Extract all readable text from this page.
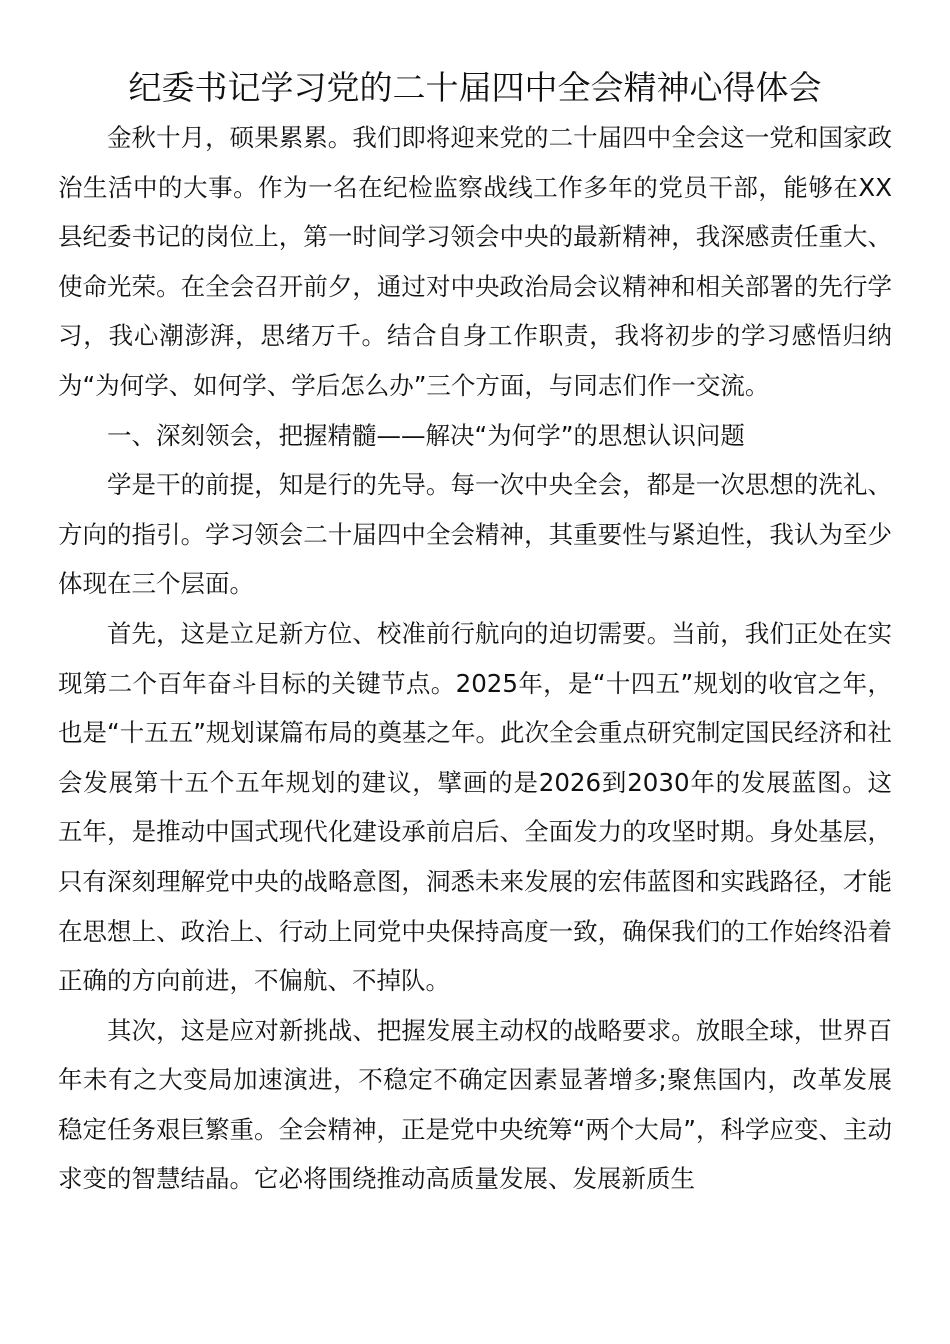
纪委书记学习党的二十届四中全会精神心得体会

金秋十月，硕果累累。我们即将迎来党的二十届四中全会这一党和国家政治生活中的大事。作为一名在纪检监察战线工作多年的党员干部，能够在XX县纪委书记的岗位上，第一时间学习领会中央的最新精神，我深感责任重大、使命光荣。在全会召开前夕，通过对中央政治局会议精神和相关部署的先行学习，我心潮澎湃，思绪万千。结合自身工作职责，我将初步的学习感悟归纳为“为何学、如何学、学后怎么办”三个方面，与同志们作一交流。

一、深刻领会，把握精髓——解决“为何学”的思想认识问题

学是干的前提，知是行的先导。每一次中央全会，都是一次思想的洗礼、方向的指引。学习领会二十届四中全会精神，其重要性与紧迫性，我认为至少体现在三个层面。

首先，这是立足新方位、校准前行航向的迫切需要。当前，我们正处在实现第二个百年奋斗目标的关键节点。2025年，是“十四五”规划的收官之年，也是“十五五”规划谋篇布局的奠基之年。此次全会重点研究制定国民经济和社会发展第十五个五年规划的建议，擘画的是2026到2030年的发展蓝图。这五年，是推动中国式现代化建设承前启后、全面发力的攻坚时期。身处基层，只有深刻理解党中央的战略意图，洞悉未来发展的宏伟蓝图和实践路径，才能在思想上、政治上、行动上同党中央保持高度一致，确保我们的工作始终沿着正确的方向前进，不偏航、不掉队。

其次，这是应对新挑战、把握发展主动权的战略要求。放眼全球，世界百年未有之大变局加速演进，不稳定不确定因素显著增多;聚焦国内，改革发展稳定任务艰巨繁重。全会精神，正是党中央统筹“两个大局”，科学应变、主动求变的智慧结晶。它必将围绕推动高质量发展、发展新质生
